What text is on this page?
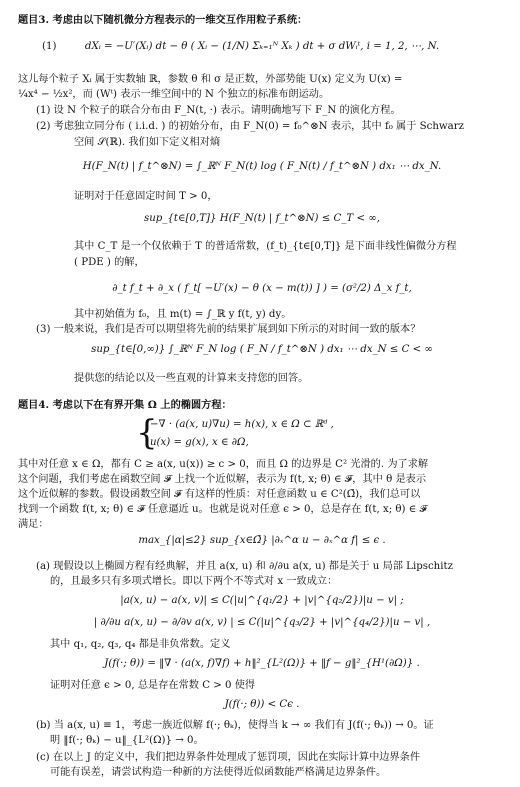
题目3. 考虑由以下随机微分方程表示的一维交互作用粒子系统：
(1)	dXᵢ = −U′(Xᵢ) dt − θ ( Xᵢ − (1/N) Σₖ₌₁ᴺ Xₖ ) dt + σ dWᵢᵗ, i = 1, 2, ⋯, N.
这儿每个粒子 Xᵢ 属于实数轴 ℝ，参数 θ 和 σ 是正数，外部势能 U(x) 定义为 U(x) =
¼x⁴ − ½x²，而 (Wᵗ) 表示一维空间中的 N 个独立的标准布朗运动。
(1) 设 N 个粒子的联合分布由 F_N(t, ·) 表示。请明确地写下 F_N 的演化方程。
(2) 考虑独立同分布 ( i.i.d. ) 的初始分布，由 F_N(0) = f₀^⊗N 表示，其中 f₀ 属于 Schwarz
空间 𝒮(ℝ). 我们如下定义相对熵
H(F_N(t) | f_t^⊗N) = ∫_ℝᴺ F_N(t) log ( F_N(t) / f_t^⊗N ) dx₁ ⋯ dx_N.
证明对于任意固定时间 T > 0，
sup_{t∈[0,T]} H(F_N(t) | f_t^⊗N) ≤ C_T < ∞,
其中 C_T 是一个仅依赖于 T 的普适常数，(f_t)_{t∈[0,T]} 是下面非线性偏微分方程
( PDE ) 的解，
∂_t f_t + ∂_x ( f_t[ −U′(x) − θ (x − m(t)) ] ) = (σ²/2) Δ_x f_t,
其中初始值为 f₀，且 m(t) = ∫_ℝ y f(t, y) dy。
(3) 一般来说，我们是否可以期望将先前的结果扩展到如下所示的对时间一致的版本？
sup_{t∈[0,∞)} ∫_ℝᴺ F_N log ( F_N / f_t^⊗N ) dx₁ ⋯ dx_N ≤ C < ∞
提供您的结论以及一些直观的计算来支持您的回答。
题目4. 考虑以下在有界开集 Ω 上的椭圆方程：
{
−∇ · (a(x, u)∇u) = h(x), x ∈ Ω ⊂ ℝᵈ ,
u(x) = g(x), x ∈ ∂Ω,
其中对任意 x ∈ Ω，都有 C ≥ a(x, u(x)) ≥ c > 0，而且 Ω 的边界是 C² 光滑的. 为了求解
这个问题，我们考虑在函数空间 𝓕 上找一个近似解，表示为 f(t, x; θ) ∈ 𝓕，其中 θ 是表示
这个近似解的参数。假设函数空间 𝓕 有这样的性质：对任意函数 u ∈ C²(Ω̄)，我们总可以
找到一个函数 f(t, x; θ) ∈ 𝓕 任意逼近 u。也就是说对任意 ϵ > 0，总是存在 f(t, x; θ) ∈ 𝓕
满足：
max_{|α|≤2} sup_{x∈Ω̄} |∂ₓ^α u − ∂ₓ^α f| ≤ ϵ .
(a) 现假设以上椭圆方程有经典解，并且 a(x, u) 和 ∂/∂u a(x, u) 都是关于 u 局部 Lipschitz
的，且最多只有多项式增长。即以下两个不等式对 x 一致成立：
|a(x, u) − a(x, v)| ≤ C(|u|^{q₁/2} + |v|^{q₂/2})|u − v| ;
| ∂/∂u a(x, u) − ∂/∂v a(x, v) | ≤ C(|u|^{q₃/2} + |v|^{q₄/2})|u − v| ,
其中 q₁, q₂, q₃, q₄ 都是非负常数。定义
J(f(·; θ)) = ‖∇ · (a(x, f)∇f) + h‖²_{L²(Ω)} + ‖f − g‖²_{H¹(∂Ω)} .
证明对任意 ϵ > 0, 总是存在常数 C > 0 使得
J(f(·; θ)) < Cϵ .
(b) 当 a(x, u) ≡ 1，考虑一族近似解 f(·; θₖ)，使得当 k → ∞ 我们有 J(f(·; θₖ)) → 0。证
明 ‖f(·; θₖ) − u‖_{L²(Ω)} → 0。
(c) 在以上 J 的定义中，我们把边界条件处理成了惩罚项，因此在实际计算中边界条件
可能有误差，请尝试构造一种新的方法使得近似函数能严格满足边界条件。
